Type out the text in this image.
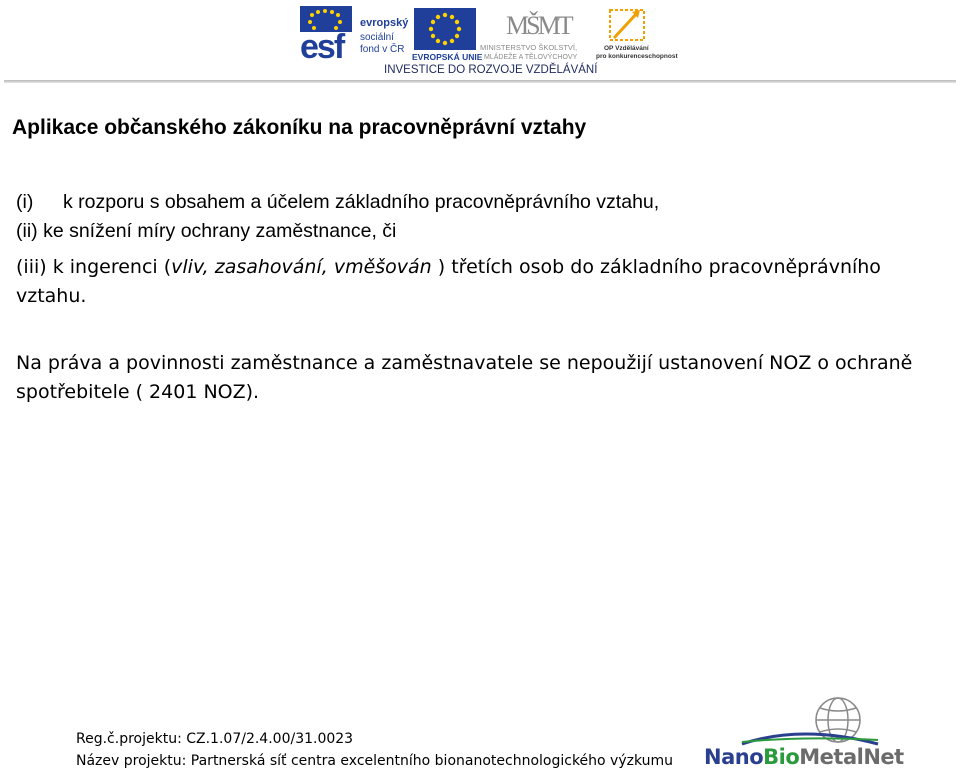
esf
evropský
sociální
fond v ČR
EVROPSKÁ UNIE
MŠMT
MINISTERSTVO ŠKOLSTVÍ,
MLÁDEŽE A TĚLOVÝCHOVY
OP Vzdělávání
pro konkurenceschopnost
INVESTICE DO ROZVOJE VZDĚLÁVÁNÍ
Aplikace občanského zákoníku na pracovněprávní vztahy
(i) k rozporu s obsahem a účelem základního pracovněprávního vztahu,
(ii) ke snížení míry ochrany zaměstnance, či
(iii) k ingerenci (vliv, zasahování, vměšován ) třetích osob do základního pracovněprávního vztahu.
Na práva a povinnosti zaměstnance a zaměstnavatele se nepoužijí ustanovení NOZ o ochraně spotřebitele ( 2401 NOZ).
Reg.č.projektu: CZ.1.07/2.4.00/31.0023
Název projektu: Partnerská síť centra excelentního bionanotechnologického výzkumu NanoBioMetalNet
